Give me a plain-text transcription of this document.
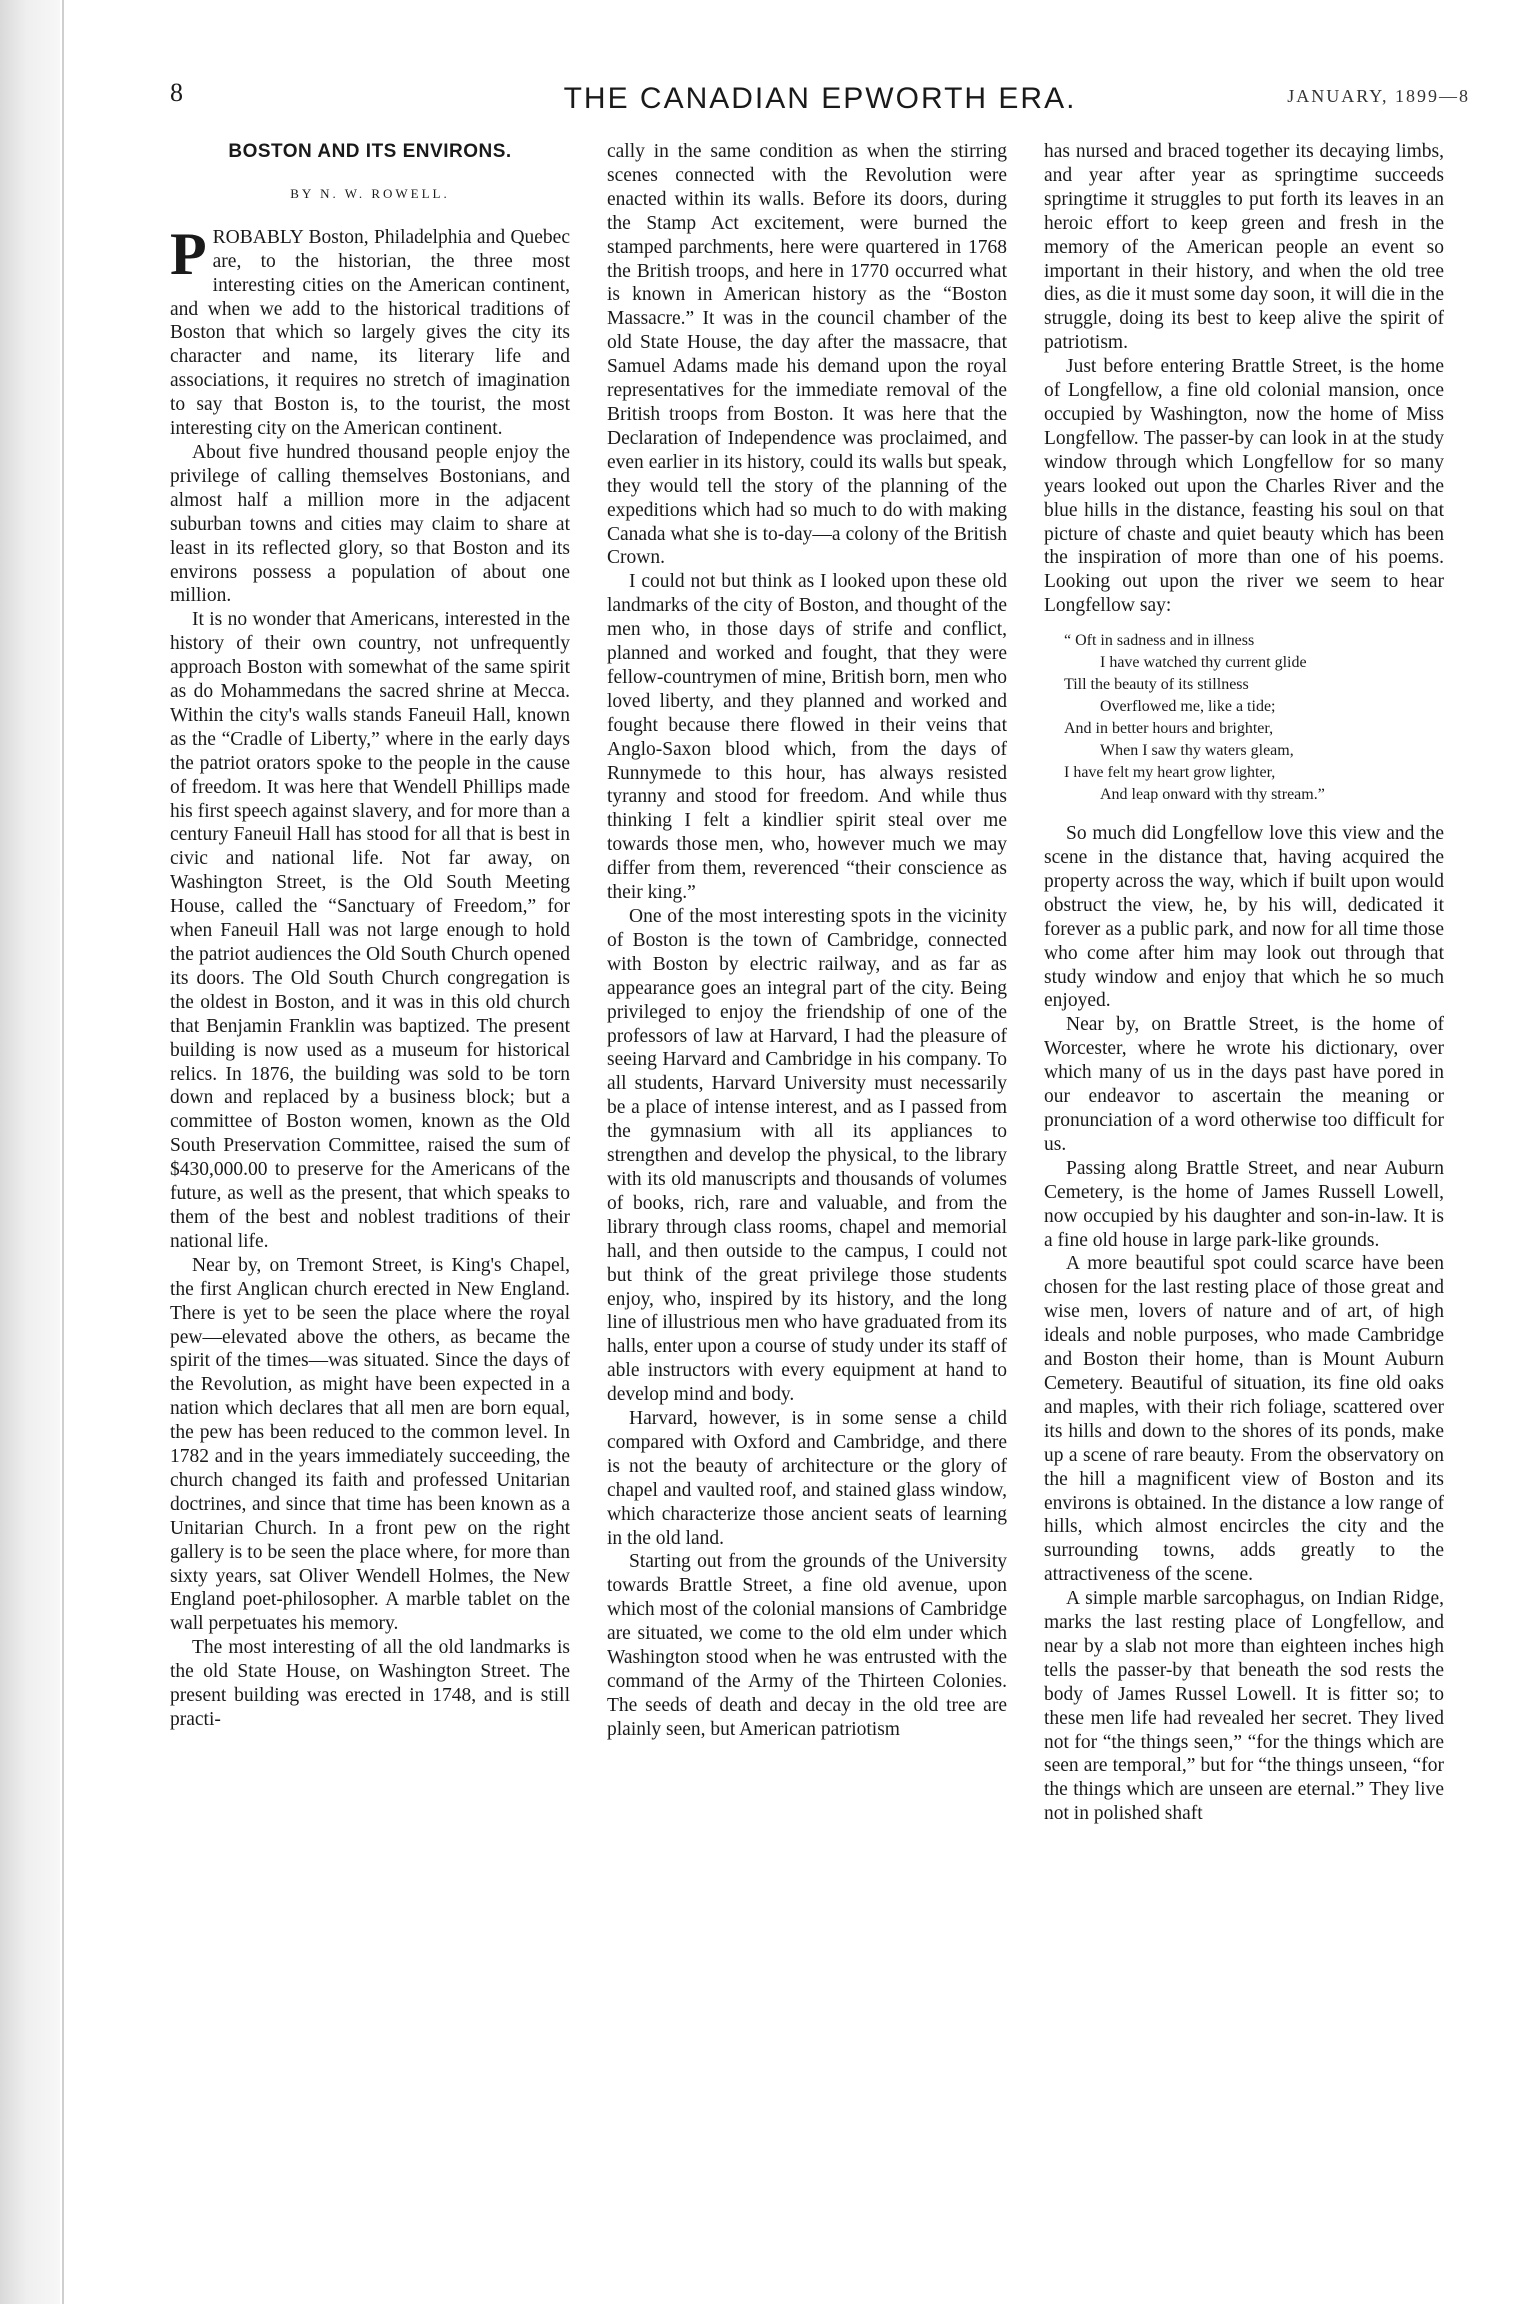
8	THE CANADIAN EPWORTH ERA.	JANUARY, 1899—8
BOSTON AND ITS ENVIRONS.
BY N. W. ROWELL.

PROBABLY Boston, Philadelphia and Quebec are, to the historian, the three most interesting cities on the American continent, and when we add to the historical traditions of Boston that which so largely gives the city its character and name, its literary life and associations, it requires no stretch of imagination to say that Boston is, to the tourist, the most interesting city on the American continent.

About five hundred thousand people enjoy the privilege of calling themselves Bostonians, and almost half a million more in the adjacent suburban towns and cities may claim to share at least in its reflected glory, so that Boston and its environs possess a population of about one million.

It is no wonder that Americans, interested in the history of their own country, not unfrequently approach Boston with somewhat of the same spirit as do Mohammedans the sacred shrine at Mecca. Within the city's walls stands Faneuil Hall, known as the “Cradle of Liberty,” where in the early days the patriot orators spoke to the people in the cause of freedom. It was here that Wendell Phillips made his first speech against slavery, and for more than a century Faneuil Hall has stood for all that is best in civic and national life. Not far away, on Washington Street, is the Old South Meeting House, called the “Sanctuary of Freedom,” for when Faneuil Hall was not large enough to hold the patriot audiences the Old South Church opened its doors. The Old South Church congregation is the oldest in Boston, and it was in this old church that Benjamin Franklin was baptized. The present building is now used as a museum for historical relics. In 1876, the building was sold to be torn down and replaced by a business block; but a committee of Boston women, known as the Old South Preservation Committee, raised the sum of $430,000.00 to preserve for the Americans of the future, as well as the present, that which speaks to them of the best and noblest traditions of their national life.

Near by, on Tremont Street, is King's Chapel, the first Anglican church erected in New England. There is yet to be seen the place where the royal pew—elevated above the others, as became the spirit of the times—was situated. Since the days of the Revolution, as might have been expected in a nation which declares that all men are born equal, the pew has been reduced to the common level. In 1782 and in the years immediately succeeding, the church changed its faith and professed Unitarian doctrines, and since that time has been known as a Unitarian Church. In a front pew on the right gallery is to be seen the place where, for more than sixty years, sat Oliver Wendell Holmes, the New England poet-philosopher. A marble tablet on the wall perpetuates his memory.

The most interesting of all the old landmarks is the old State House, on Washington Street. The present building was erected in 1748, and is still practi-

cally in the same condition as when the stirring scenes connected with the Revolution were enacted within its walls. Before its doors, during the Stamp Act excitement, were burned the stamped parchments, here were quartered in 1768 the British troops, and here in 1770 occurred what is known in American history as the “Boston Massacre.” It was in the council chamber of the old State House, the day after the massacre, that Samuel Adams made his demand upon the royal representatives for the immediate removal of the British troops from Boston. It was here that the Declaration of Independence was proclaimed, and even earlier in its history, could its walls but speak, they would tell the story of the planning of the expeditions which had so much to do with making Canada what she is to-day—a colony of the British Crown.

I could not but think as I looked upon these old landmarks of the city of Boston, and thought of the men who, in those days of strife and conflict, planned and worked and fought, that they were fellow-countrymen of mine, British born, men who loved liberty, and they planned and worked and fought because there flowed in their veins that Anglo-Saxon blood which, from the days of Runnymede to this hour, has always resisted tyranny and stood for freedom. And while thus thinking I felt a kindlier spirit steal over me towards those men, who, however much we may differ from them, reverenced “their conscience as their king.”

One of the most interesting spots in the vicinity of Boston is the town of Cambridge, connected with Boston by electric railway, and as far as appearance goes an integral part of the city. Being privileged to enjoy the friendship of one of the professors of law at Harvard, I had the pleasure of seeing Harvard and Cambridge in his company. To all students, Harvard University must necessarily be a place of intense interest, and as I passed from the gymnasium with all its appliances to strengthen and develop the physical, to the library with its old manuscripts and thousands of volumes of books, rich, rare and valuable, and from the library through class rooms, chapel and memorial hall, and then outside to the campus, I could not but think of the great privilege those students enjoy, who, inspired by its history, and the long line of illustrious men who have graduated from its halls, enter upon a course of study under its staff of able instructors with every equipment at hand to develop mind and body.

Harvard, however, is in some sense a child compared with Oxford and Cambridge, and there is not the beauty of architecture or the glory of chapel and vaulted roof, and stained glass window, which characterize those ancient seats of learning in the old land.

Starting out from the grounds of the University towards Brattle Street, a fine old avenue, upon which most of the colonial mansions of Cambridge are situated, we come to the old elm under which Washington stood when he was entrusted with the command of the Army of the Thirteen Colonies. The seeds of death and decay in the old tree are plainly seen, but American patriotism

has nursed and braced together its decaying limbs, and year after year as springtime succeeds springtime it struggles to put forth its leaves in an heroic effort to keep green and fresh in the memory of the American people an event so important in their history, and when the old tree dies, as die it must some day soon, it will die in the struggle, doing its best to keep alive the spirit of patriotism.

Just before entering Brattle Street, is the home of Longfellow, a fine old colonial mansion, once occupied by Washington, now the home of Miss Longfellow. The passer-by can look in at the study window through which Longfellow for so many years looked out upon the Charles River and the blue hills in the distance, feasting his soul on that picture of chaste and quiet beauty which has been the inspiration of more than one of his poems. Looking out upon the river we seem to hear Longfellow say:

“ Oft in sadness and in illness
I have watched thy current glide
Till the beauty of its stillness
Overflowed me, like a tide;
And in better hours and brighter,
When I saw thy waters gleam,
I have felt my heart grow lighter,
And leap onward with thy stream.”

So much did Longfellow love this view and the scene in the distance that, having acquired the property across the way, which if built upon would obstruct the view, he, by his will, dedicated it forever as a public park, and now for all time those who come after him may look out through that study window and enjoy that which he so much enjoyed.

Near by, on Brattle Street, is the home of Worcester, where he wrote his dictionary, over which many of us in the days past have pored in our endeavor to ascertain the meaning or pronunciation of a word otherwise too difficult for us.

Passing along Brattle Street, and near Auburn Cemetery, is the home of James Russell Lowell, now occupied by his daughter and son-in-law. It is a fine old house in large park-like grounds.

A more beautiful spot could scarce have been chosen for the last resting place of those great and wise men, lovers of nature and of art, of high ideals and noble purposes, who made Cambridge and Boston their home, than is Mount Auburn Cemetery. Beautiful of situation, its fine old oaks and maples, with their rich foliage, scattered over its hills and down to the shores of its ponds, make up a scene of rare beauty. From the observatory on the hill a magnificent view of Boston and its environs is obtained. In the distance a low range of hills, which almost encircles the city and the surrounding towns, adds greatly to the attractiveness of the scene.

A simple marble sarcophagus, on Indian Ridge, marks the last resting place of Longfellow, and near by a slab not more than eighteen inches high tells the passer-by that beneath the sod rests the body of James Russel Lowell. It is fitter so; to these men life had revealed her secret. They lived not for “the things seen,” “for the things which are seen are temporal,” but for “the things unseen, “for the things which are unseen are eternal.” They live not in polished shaft
